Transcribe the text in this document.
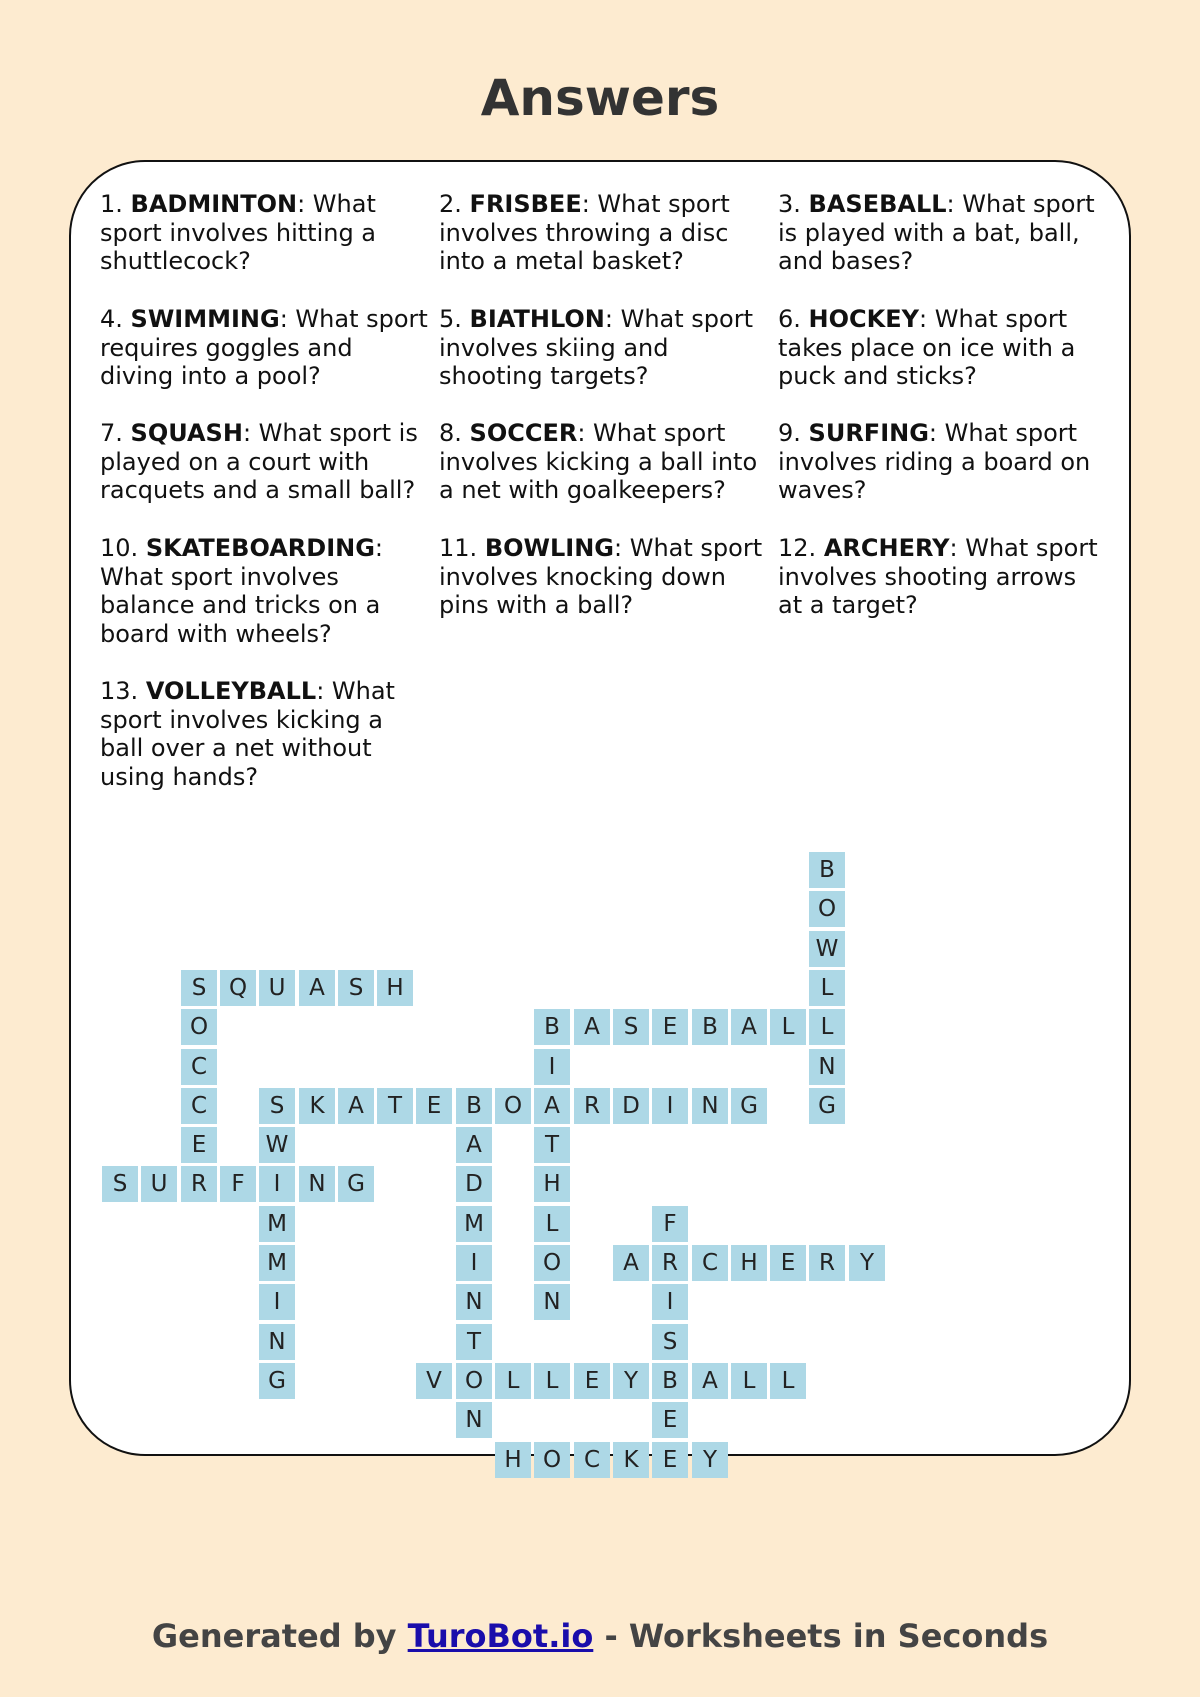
Answers
1. BADMINTON: What sport involves hitting a shuttlecock?
2. FRISBEE: What sport involves throwing a disc into a metal basket?
3. BASEBALL: What sport is played with a bat, ball, and bases?
4. SWIMMING: What sport requires goggles and diving into a pool?
5. BIATHLON: What sport involves skiing and shooting targets?
6. HOCKEY: What sport takes place on ice with a puck and sticks?
7. SQUASH: What sport is played on a court with racquets and a small ball?
8. SOCCER: What sport involves kicking a ball into a net with goalkeepers?
9. SURFING: What sport involves riding a board on waves?
10. SKATEBOARDING: What sport involves balance and tricks on a board with wheels?
11. BOWLING: What sport involves knocking down pins with a ball?
12. ARCHERY: What sport involves shooting arrows at a target?
13. VOLLEYBALL: What sport involves kicking a ball over a net without using hands?
S Q U	A	S	H
O
C
C
E
R
B
O
W
L
L
N
G
B	A	S	E	B	A	L
I
A
T
H
L
O
N
S	K	A	T	E	B O	R D	I	N G
W
I
M
M
I
N
G
A
D
M
I
N
T
O
N
S	U	F	N G
F
R
I
S
B
E
E
A	C H	E	R	Y
V	L	L	E	Y	A	L	L
H O C	K	Y
Generated by TuroBot.io - Worksheets in Seconds
